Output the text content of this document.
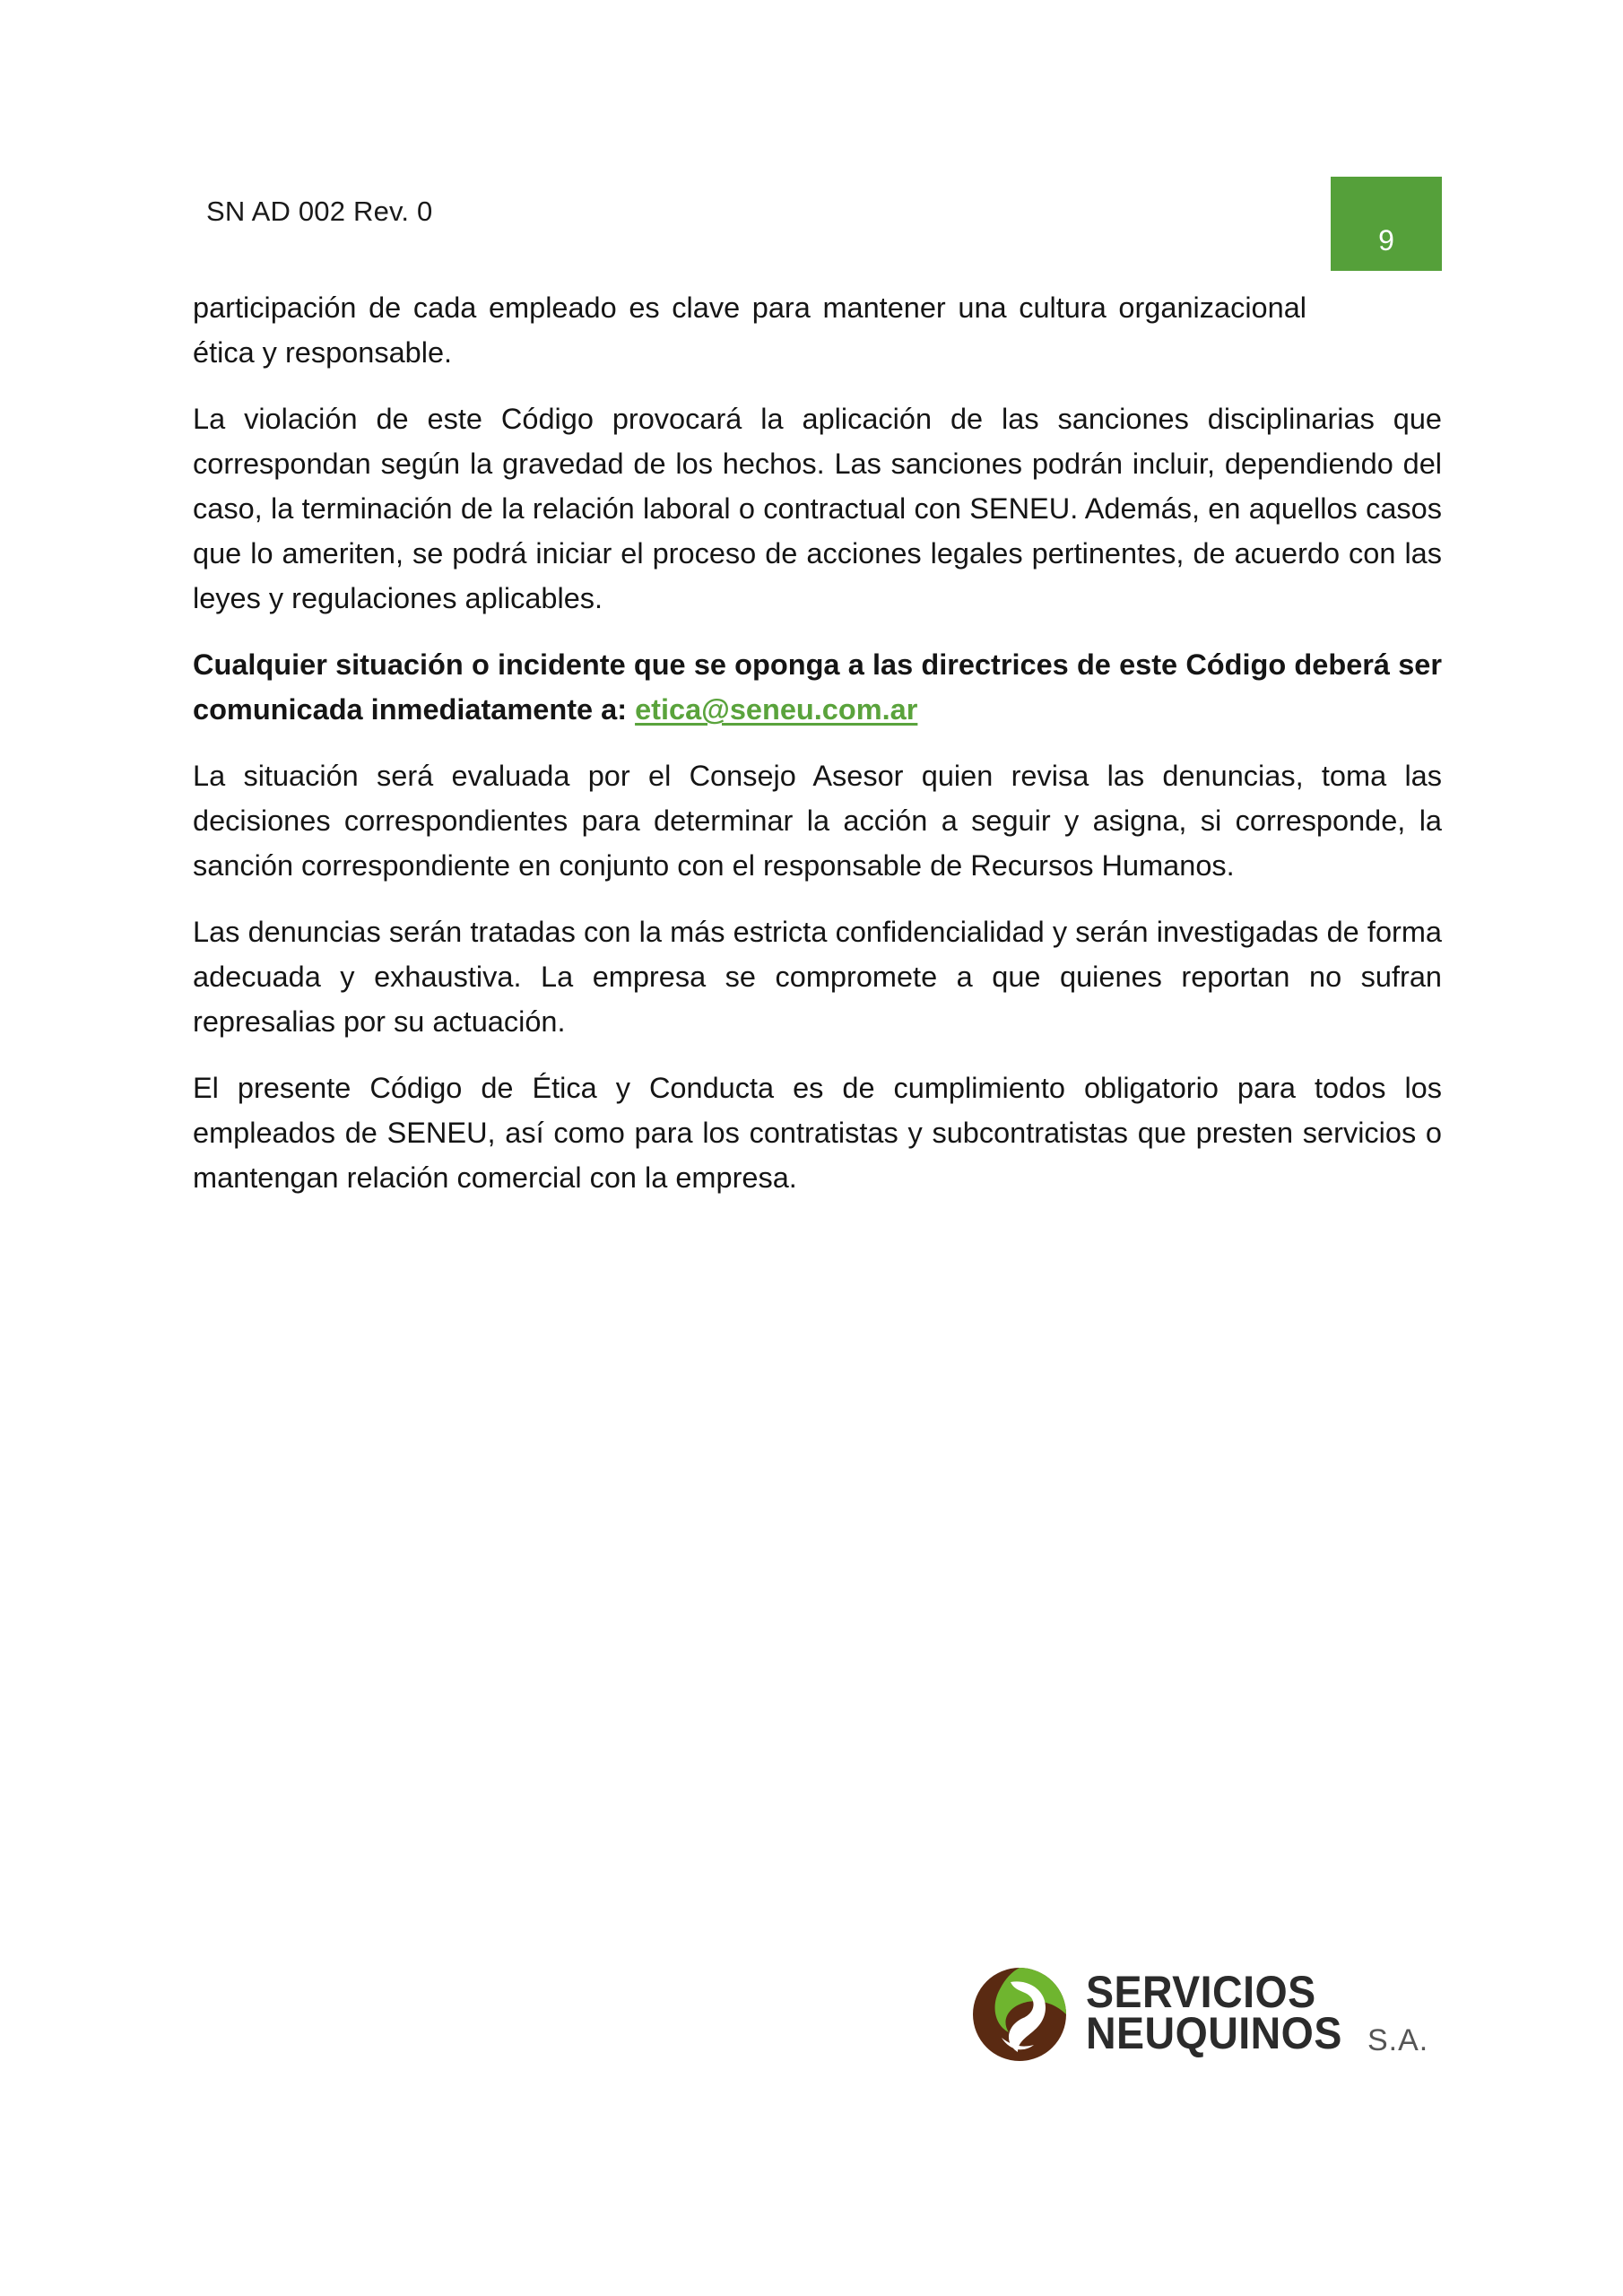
SN AD 002 Rev. 0
9

participación de cada empleado es clave para mantener una cultura organizacional ética y responsable.

La violación de este Código provocará la aplicación de las sanciones disciplinarias que correspondan según la gravedad de los hechos. Las sanciones podrán incluir, dependiendo del caso, la terminación de la relación laboral o contractual con SENEU. Además, en aquellos casos que lo ameriten, se podrá iniciar el proceso de acciones legales pertinentes, de acuerdo con las leyes y regulaciones aplicables.

Cualquier situación o incidente que se oponga a las directrices de este Código deberá ser comunicada inmediatamente a: etica@seneu.com.ar

La situación será evaluada por el Consejo Asesor quien revisa las denuncias, toma las decisiones correspondientes para determinar la acción a seguir y asigna, si corresponde, la sanción correspondiente en conjunto con el responsable de Recursos Humanos.

Las denuncias serán tratadas con la más estricta confidencialidad y serán investigadas de forma adecuada y exhaustiva. La empresa se compromete a que quienes reportan no sufran represalias por su actuación.

El presente Código de Ética y Conducta es de cumplimiento obligatorio para todos los empleados de SENEU, así como para los contratistas y subcontratistas que presten servicios o mantengan relación comercial con la empresa.

SERVICIOS
NEUQUINOS S.A.
